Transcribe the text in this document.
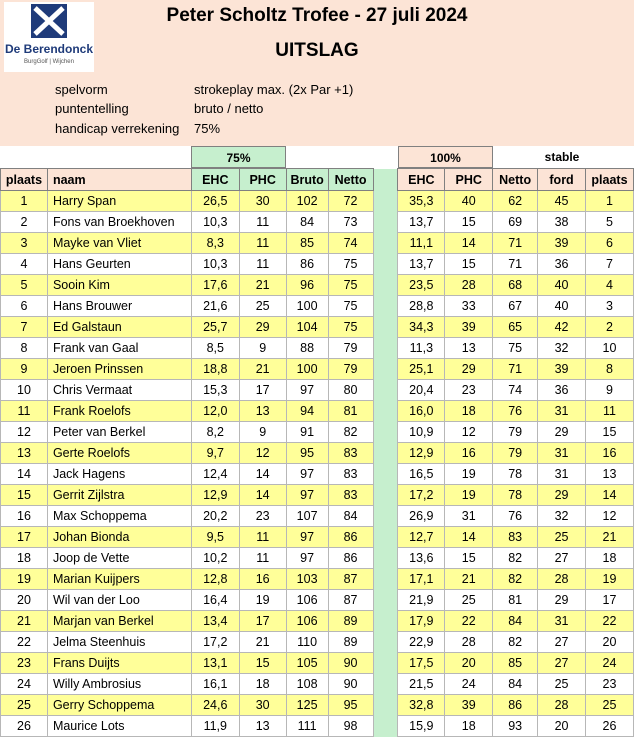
De Berendonck
BurgGolf | Wijchen
Peter Scholtz Trofee - 27 juli 2024
UITSLAG
spelvorm	strokeplay max. (2x Par +1)
puntentelling	bruto / netto
handicap verrekening 75%
75%	100%	stable
plaats	naam	EHC	PHC	Bruto	Netto		EHC	PHC	Netto	ford	plaats
1	Harry Span	26,5	30	102	72		35,3	40	62	45	1
2	Fons van Broekhoven	10,3	11	84	73		13,7	15	69	38	5
3	Mayke van Vliet	8,3	11	85	74		11,1	14	71	39	6
4	Hans Geurten	10,3	11	86	75		13,7	15	71	36	7
5	Sooin Kim	17,6	21	96	75		23,5	28	68	40	4
6	Hans Brouwer	21,6	25	100	75		28,8	33	67	40	3
7	Ed Galstaun	25,7	29	104	75		34,3	39	65	42	2
8	Frank van Gaal	8,5	9	88	79		11,3	13	75	32	10
9	Jeroen Prinssen	18,8	21	100	79		25,1	29	71	39	8
10	Chris Vermaat	15,3	17	97	80		20,4	23	74	36	9
11	Frank Roelofs	12,0	13	94	81		16,0	18	76	31	11
12	Peter van Berkel	8,2	9	91	82		10,9	12	79	29	15
13	Gerte Roelofs	9,7	12	95	83		12,9	16	79	31	16
14	Jack Hagens	12,4	14	97	83		16,5	19	78	31	13
15	Gerrit Zijlstra	12,9	14	97	83		17,2	19	78	29	14
16	Max Schoppema	20,2	23	107	84		26,9	31	76	32	12
17	Johan Bionda	9,5	11	97	86		12,7	14	83	25	21
18	Joop de Vette	10,2	11	97	86		13,6	15	82	27	18
19	Marian Kuijpers	12,8	16	103	87		17,1	21	82	28	19
20	Wil van der Loo	16,4	19	106	87		21,9	25	81	29	17
21	Marjan van Berkel	13,4	17	106	89		17,9	22	84	31	22
22	Jelma Steenhuis	17,2	21	110	89		22,9	28	82	27	20
23	Frans Duijts	13,1	15	105	90		17,5	20	85	27	24
24	Willy Ambrosius	16,1	18	108	90		21,5	24	84	25	23
25	Gerry Schoppema	24,6	30	125	95		32,8	39	86	28	25
26	Maurice Lots	11,9	13	111	98		15,9	18	93	20	26
